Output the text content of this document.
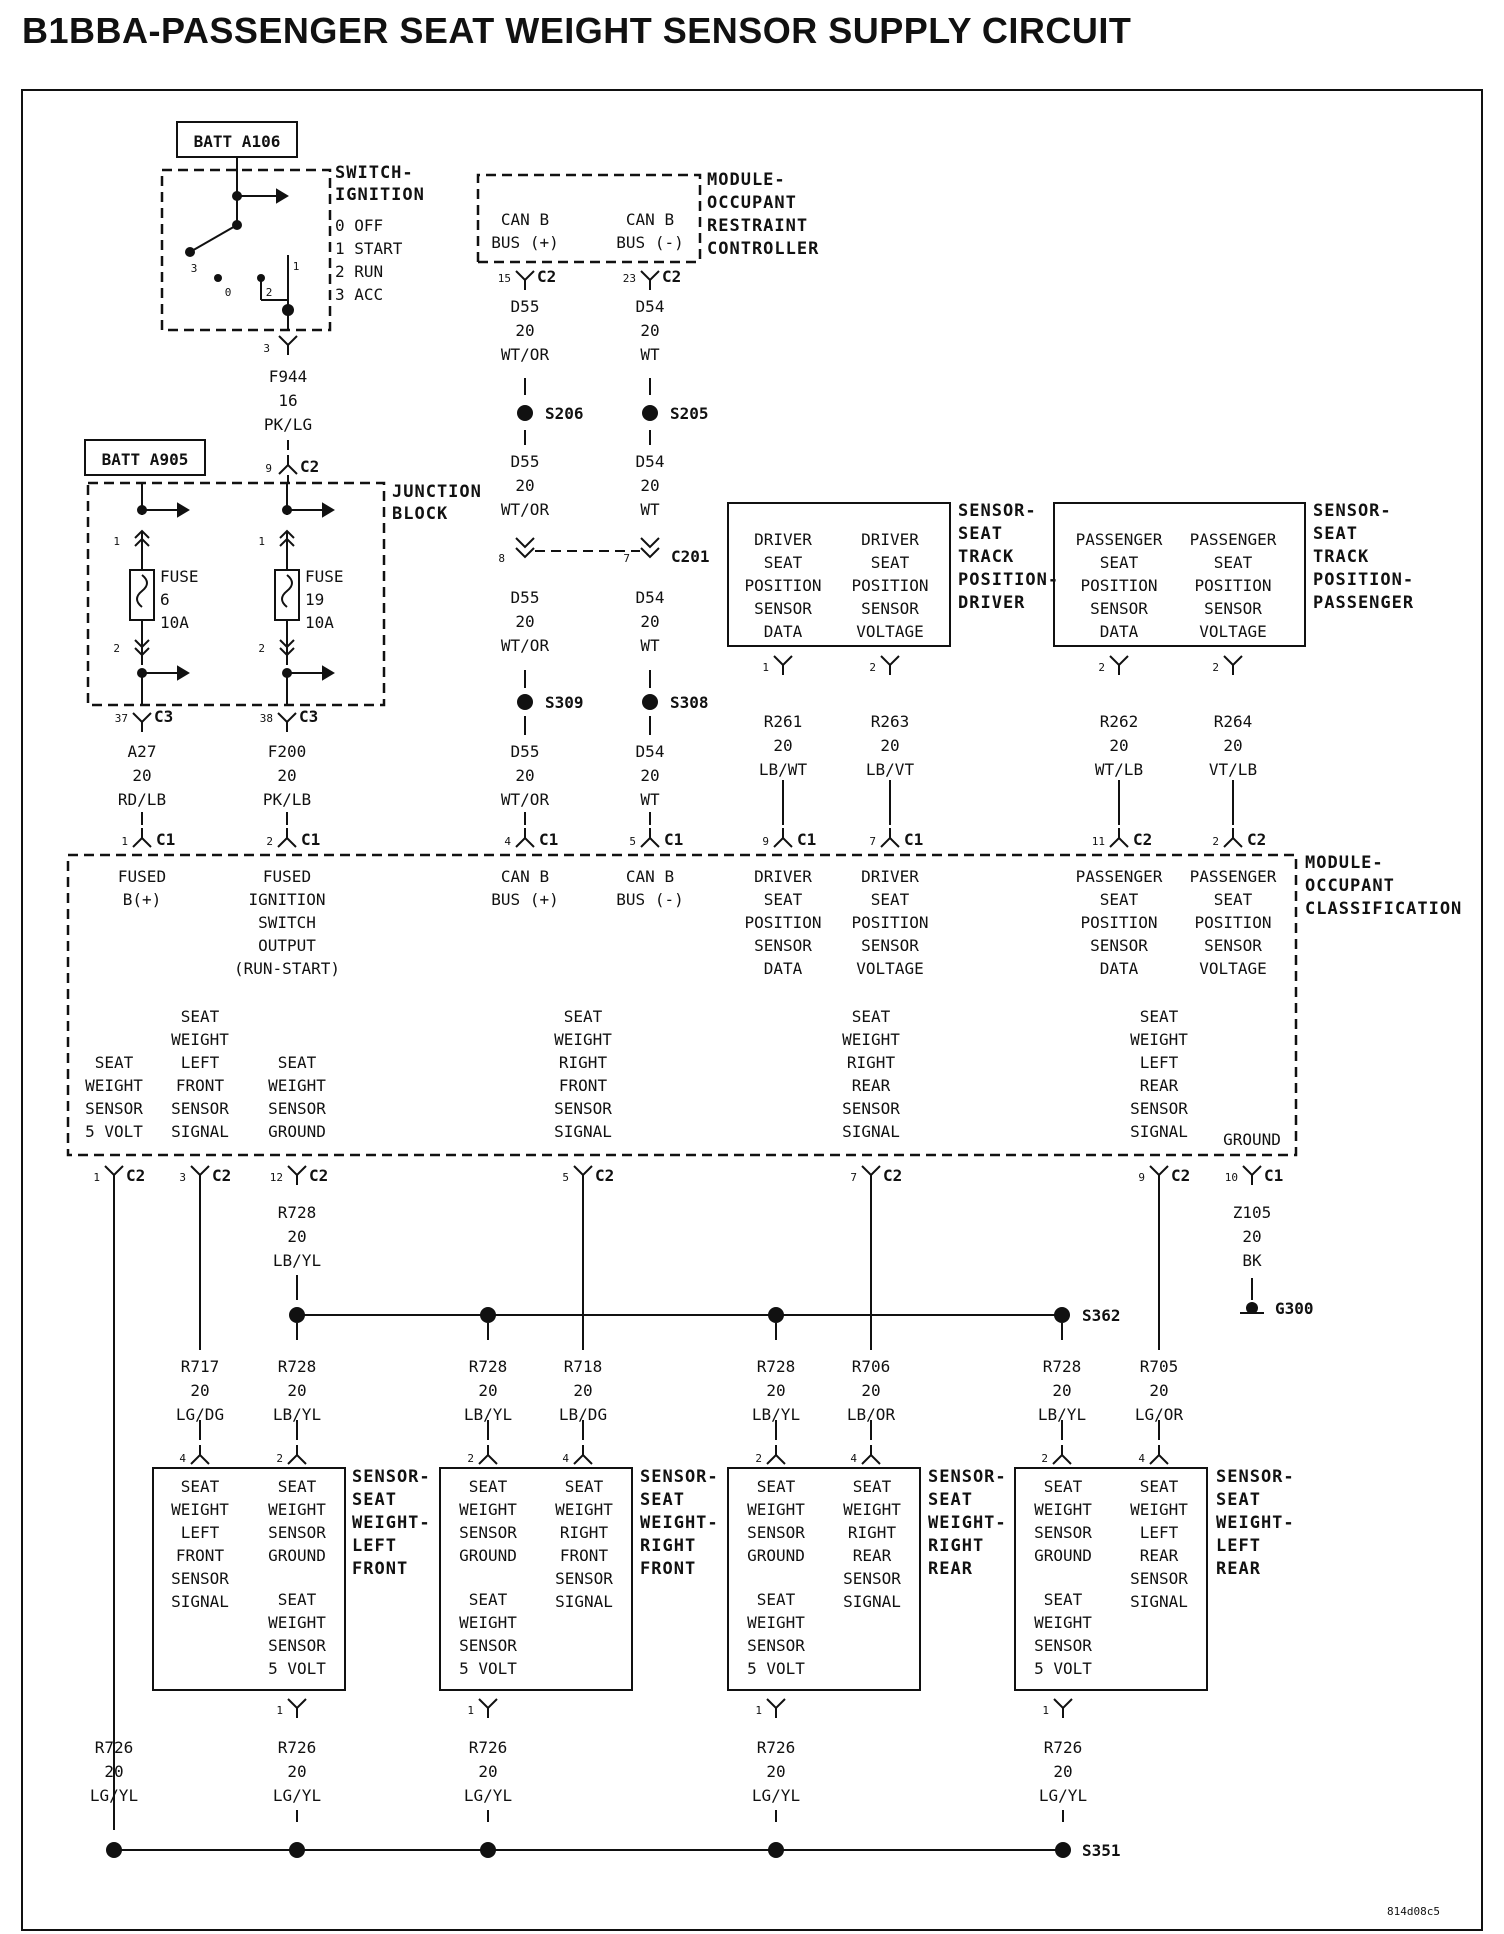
B1BBA-PASSENGER SEAT WEIGHT SENSOR SUPPLY CIRCUIT
BATT A106
SWITCH-
IGNITION
0 OFF
1 START
2 RUN
3 ACC
3
0	2
1
3
F944
16
PK/LG
9 C2
BATT A905
JUNCTION
BLOCK
1
FUSE
6
10A
2
1
FUSE
19
10A
2
37 C3
A27
20
RD/LB
38 C3
F200
20
PK/LB
MODULE-
OCCUPANT
RESTRAINT
CONTROLLER
CAN B
BUS (+)
CAN B
BUS (-)
15 C2	23 C2
D55
20
WT/OR
S206
D55
20
WT/OR
8
D55
20
WT/OR
S309
D55
20
WT/OR
D54
20
WT
S205
D54
20
WT
7
D54
20
WT
S308
D54
20
WT
C201
SENSOR-
SEAT
TRACK
POSITION-
DRIVER
DRIVER
SEAT
POSITION
SENSOR
DATA
DRIVER
SEAT
POSITION
SENSOR
VOLTAGE
SENSOR-
SEAT
TRACK
POSITION-
PASSENGER
PASSENGER
SEAT
POSITION
SENSOR
DATA
PASSENGER
SEAT
POSITION
SENSOR
VOLTAGE
1
R261
20
LB/WT
2
R263
20
LB/VT
2
R262
20
WT/LB
2
R264
20
VT/LB
MODULE-
OCCUPANT
CLASSIFICATION
1 C1
FUSED
B(+)
2 C1
FUSED
IGNITION
SWITCH
OUTPUT
(RUN-START)
4 C1
CAN B
BUS (+)
5 C1
CAN B
BUS (-)
9 C1
DRIVER
SEAT
POSITION
SENSOR
DATA
7 C1
DRIVER
SEAT
POSITION
SENSOR
VOLTAGE
11 C2
PASSENGER
SEAT
POSITION
SENSOR
DATA
2 C2
PASSENGER
SEAT
POSITION
SENSOR
VOLTAGE
SEAT
WEIGHT
SENSOR
5 VOLT
1 C2
SEAT
WEIGHT
LEFT
FRONT
SENSOR
SIGNAL
3 C2
SEAT
WEIGHT
SENSOR
GROUND
12 C2
SEAT
WEIGHT
RIGHT
FRONT
SENSOR
SIGNAL
5 C2
SEAT
WEIGHT
RIGHT
REAR
SENSOR
SIGNAL
7 C2
SEAT
WEIGHT
LEFT
REAR
SENSOR
SIGNAL
9 C2
GROUND
10 C1
Z105
20
BK
G300
R728
20
LB/YL
S362
SENSOR-
SEAT
WEIGHT-
LEFT
FRONT
R728
20
LB/YL
2
R717
20
LG/DG
4
SEAT
WEIGHT
LEFT
FRONT
SENSOR
SIGNAL
SEAT
WEIGHT
SENSOR
GROUND
SEAT
WEIGHT
SENSOR
5 VOLT
1
R726
20
LG/YL
SENSOR-
SEAT
WEIGHT-
RIGHT
FRONT
R728
20
LB/YL
2
R718
20
LB/DG
4
SEAT
WEIGHT
RIGHT
FRONT
SENSOR
SIGNAL
SEAT
WEIGHT
SENSOR
GROUND
SEAT
WEIGHT
SENSOR
5 VOLT
1
R726
20
LG/YL
SENSOR-
SEAT
WEIGHT-
RIGHT
REAR
R728
20
LB/YL
2
R706
20
LB/OR
4
SEAT
WEIGHT
RIGHT
REAR
SENSOR
SIGNAL
SEAT
WEIGHT
SENSOR
GROUND
SEAT
WEIGHT
SENSOR
5 VOLT
1
R726
20
LG/YL
SENSOR-
SEAT
WEIGHT-
LEFT
REAR
R728
20
LB/YL
2
R705
20
LG/OR
4
SEAT
WEIGHT
LEFT
REAR
SENSOR
SIGNAL
SEAT
WEIGHT
SENSOR
GROUND
SEAT
WEIGHT
SENSOR
5 VOLT
1
R726
20
LG/YL
R726
20
LG/YL
S351
814d08c5
